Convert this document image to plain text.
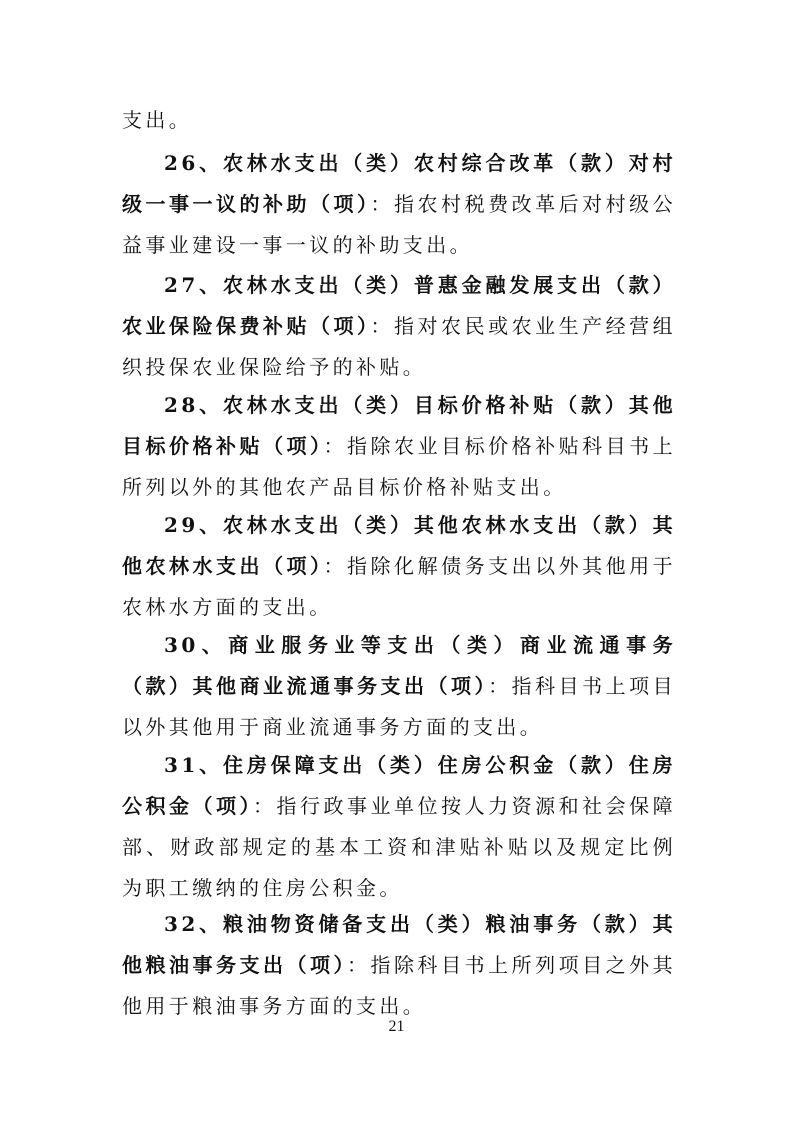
支出。

26、农林水支出（类）农村综合改革（款）对村级一事一议的补助（项）：指农村税费改革后对村级公益事业建设一事一议的补助支出。

27、农林水支出（类）普惠金融发展支出（款）农业保险保费补贴（项）：指对农民或农业生产经营组织投保农业保险给予的补贴。

28、农林水支出（类）目标价格补贴（款）其他目标价格补贴（项）：指除农业目标价格补贴科目书上所列以外的其他农产品目标价格补贴支出。

29、农林水支出（类）其他农林水支出（款）其他农林水支出（项）：指除化解债务支出以外其他用于农林水方面的支出。

30、商业服务业等支出（类）商业流通事务（款）其他商业流通事务支出（项）：指科目书上项目以外其他用于商业流通事务方面的支出。

31、住房保障支出（类）住房公积金（款）住房公积金（项）：指行政事业单位按人力资源和社会保障部、财政部规定的基本工资和津贴补贴以及规定比例为职工缴纳的住房公积金。

32、粮油物资储备支出（类）粮油事务（款）其他粮油事务支出（项）：指除科目书上所列项目之外其他用于粮油事务方面的支出。

21
